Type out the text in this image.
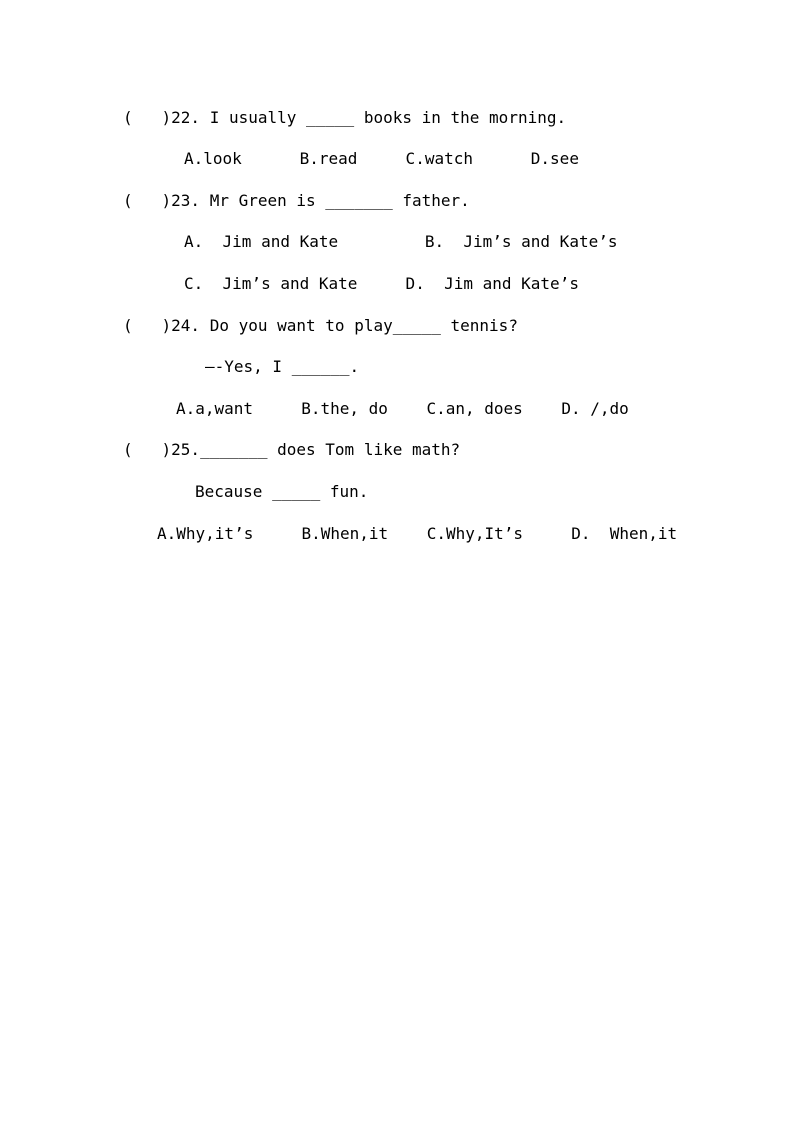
(   )22. I usually _____ books in the morning.
A.look      B.read     C.watch      D.see
(   )23. Mr Green is _______ father.
A.  Jim and Kate         B.  Jim’s and Kate’s
C.  Jim’s and Kate     D.  Jim and Kate’s
(   )24. Do you want to play_____ tennis?
—-Yes, I ______.
A.a,want     B.the, do    C.an, does    D. /,do
(   )25._______ does Tom like math?
Because _____ fun.
A.Why,it’s     B.When,it    C.Why,It’s     D.  When,it
